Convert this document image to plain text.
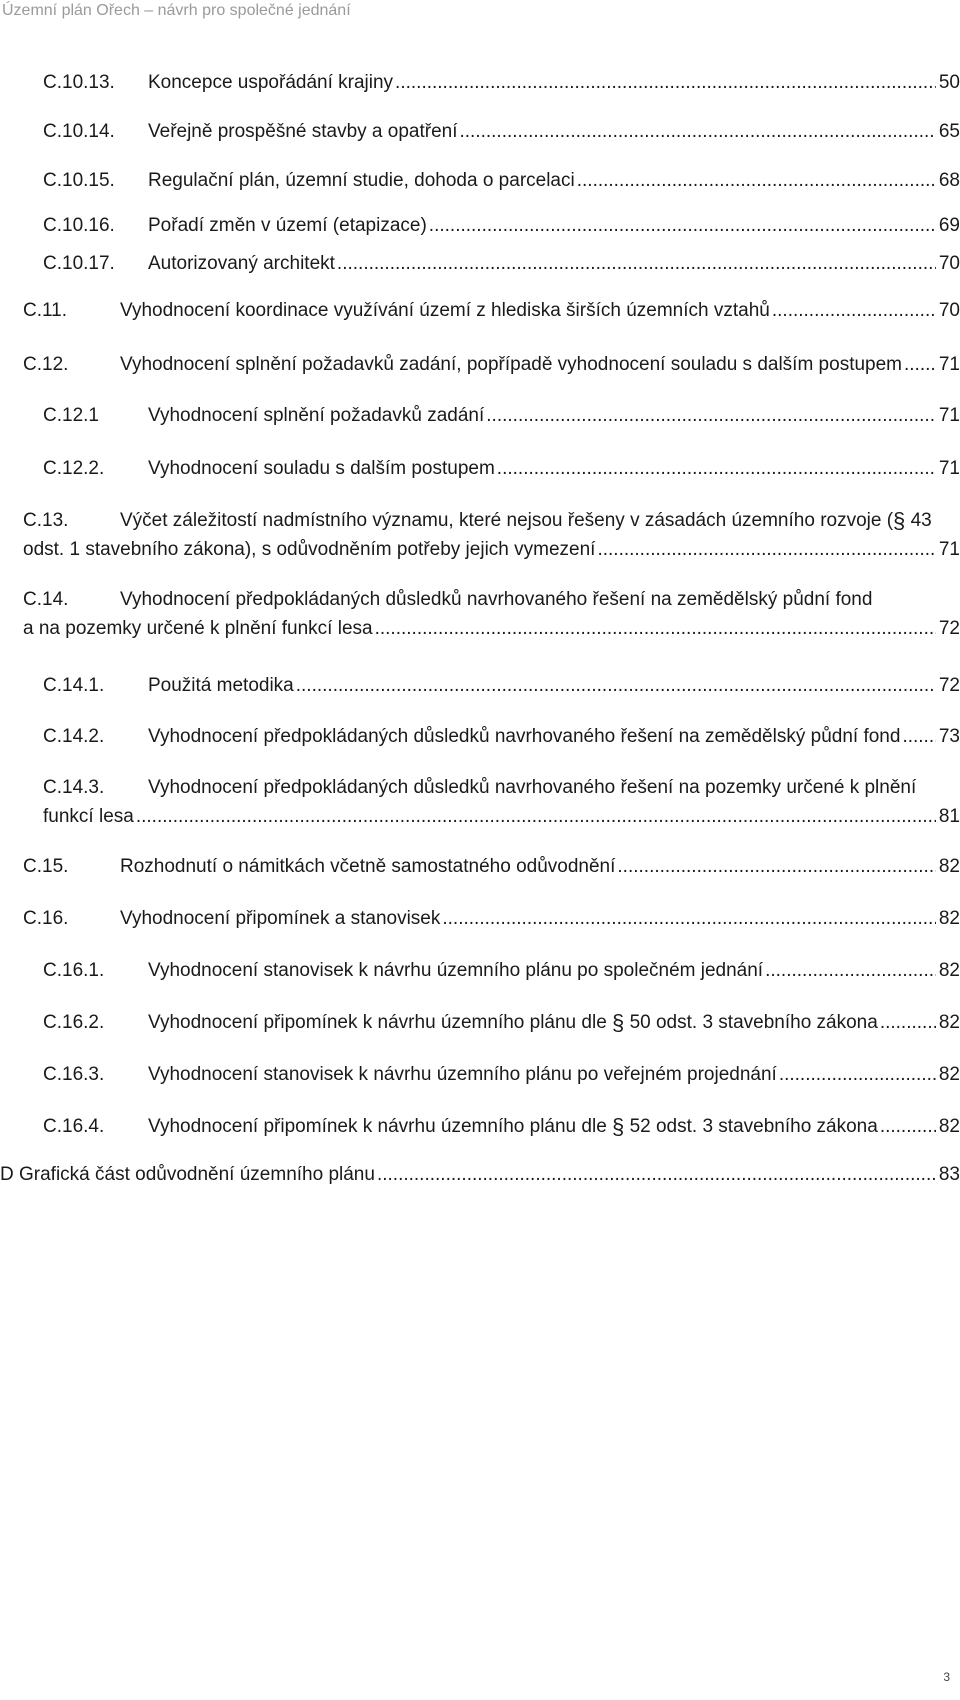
Územní plán Ořech – návrh pro společné jednání
C.10.13.	Koncepce uspořádání krajiny .....	50
C.10.14.	Veřejně prospěšné stavby a opatření .....	65
C.10.15.	Regulační plán, územní studie, dohoda o parcelaci .....	68
C.10.16.	Pořadí změn v území (etapizace) .....	69
C.10.17.	Autorizovaný architekt .....	70
C.11.	Vyhodnocení koordinace využívání území z hlediska širších územních vztahů .....	70
C.12.	Vyhodnocení splnění požadavků zadání, popřípadě vyhodnocení souladu s dalším postupem ..... 71
C.12.1	Vyhodnocení splnění požadavků zadání .....	71
C.12.2.	Vyhodnocení souladu s dalším postupem .....	71
C.13.	Výčet záležitostí nadmístního významu, které nejsou řešeny v zásadách územního rozvoje (§ 43
odst. 1 stavebního zákona), s odůvodněním potřeby jejich vymezení .....	71
C.14.	Vyhodnocení předpokládaných důsledků navrhovaného řešení na zemědělský půdní fond
a na pozemky určené k plnění funkcí lesa .....	72
C.14.1.	Použitá metodika .....	72
C.14.2.	Vyhodnocení předpokládaných důsledků navrhovaného řešení na zemědělský půdní fond ..... 73
C.14.3.	Vyhodnocení předpokládaných důsledků navrhovaného řešení na pozemky určené k plnění
funkcí lesa .....	81
C.15.	Rozhodnutí o námitkách včetně samostatného odůvodnění .....	82
C.16.	Vyhodnocení připomínek a stanovisek .....	82
C.16.1.	Vyhodnocení stanovisek k návrhu územního plánu po společném jednání .....	82
C.16.2.	Vyhodnocení připomínek k návrhu územního plánu dle § 50 odst. 3 stavebního zákona .....	82
C.16.3.	Vyhodnocení stanovisek k návrhu územního plánu po veřejném projednání .....	82
C.16.4.	Vyhodnocení připomínek k návrhu územního plánu dle § 52 odst. 3 stavebního zákona .....	82
D Grafická část odůvodnění územního plánu .....	83
3
